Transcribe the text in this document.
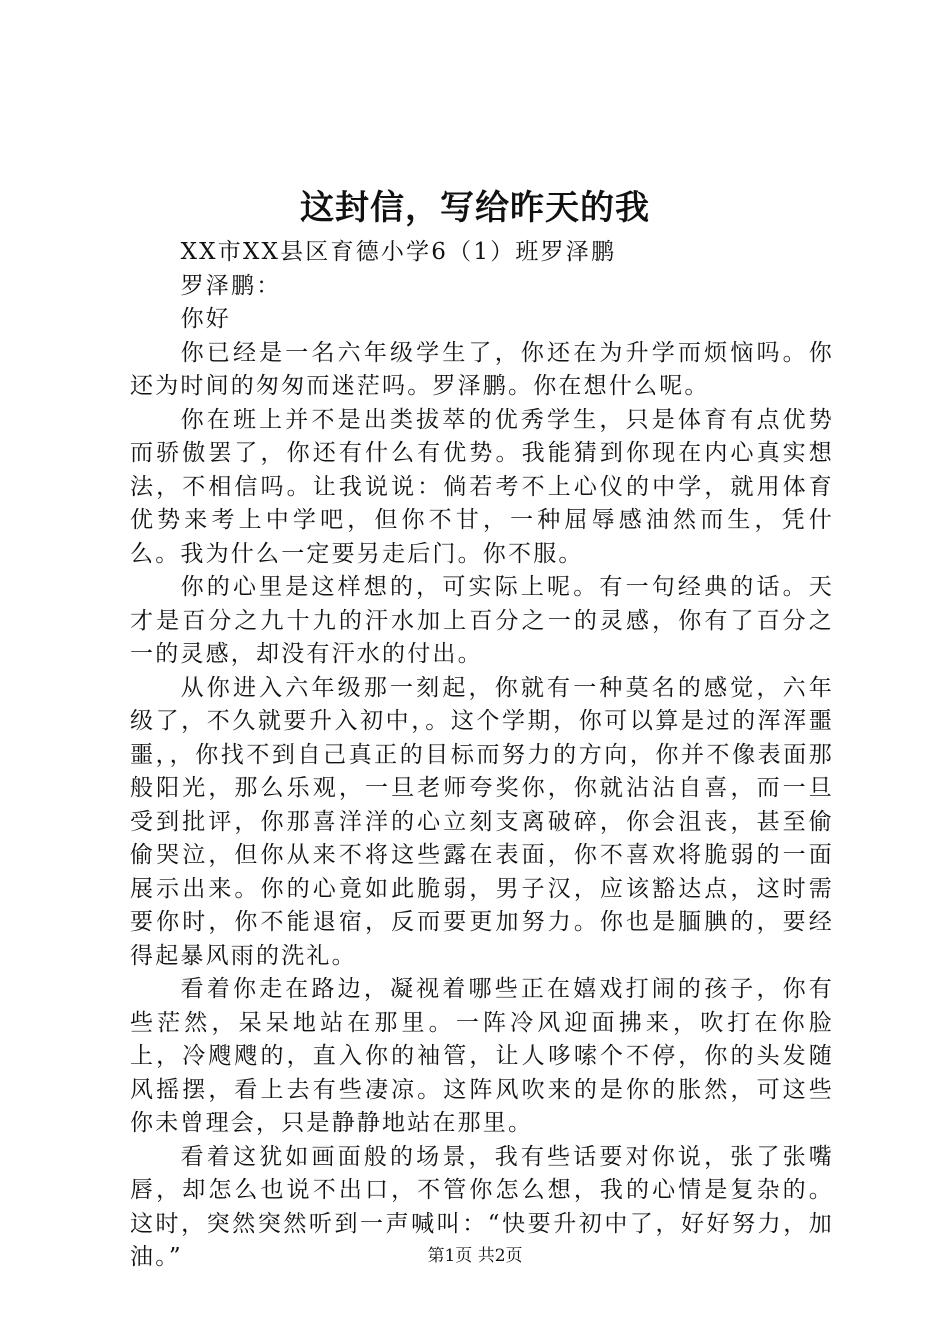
这封信，写给昨天的我

XX市XX县区育德小学6（1）班罗泽鹏

罗泽鹏：

你好

你已经是一名六年级学生了，你还在为升学而烦恼吗。你还为时间的匆匆而迷茫吗。罗泽鹏。你在想什么呢。

你在班上并不是出类拔萃的优秀学生，只是体育有点优势而骄傲罢了，你还有什么有优势。我能猜到你现在内心真实想法，不相信吗。让我说说：倘若考不上心仪的中学，就用体育优势来考上中学吧，但你不甘，一种屈辱感油然而生，凭什么。我为什么一定要另走后门。你不服。

你的心里是这样想的，可实际上呢。有一句经典的话。天才是百分之九十九的汗水加上百分之一的灵感，你有了百分之一的灵感，却没有汗水的付出。

从你进入六年级那一刻起，你就有一种莫名的感觉，六年级了，不久就要升入初中，。这个学期，你可以算是过的浑浑噩噩，，你找不到自己真正的目标而努力的方向，你并不像表面那般阳光，那么乐观，一旦老师夸奖你，你就沾沾自喜，而一旦受到批评，你那喜洋洋的心立刻支离破碎，你会沮丧，甚至偷偷哭泣，但你从来不将这些露在表面，你不喜欢将脆弱的一面展示出来。你的心竟如此脆弱，男子汉，应该豁达点，这时需要你时，你不能退宿，反而要更加努力。你也是腼腆的，要经得起暴风雨的洗礼。

看着你走在路边，凝视着哪些正在嬉戏打闹的孩子，你有些茫然，呆呆地站在那里。一阵冷风迎面拂来，吹打在你脸上，冷飕飕的，直入你的袖管，让人哆嗦个不停，你的头发随风摇摆，看上去有些凄凉。这阵风吹来的是你的胀然，可这些你未曾理会，只是静静地站在那里。

看着这犹如画面般的场景，我有些话要对你说，张了张嘴唇，却怎么也说不出口，不管你怎么想，我的心情是复杂的。这时，突然突然听到一声喊叫：“快要升初中了，好好努力，加油。”	第1页 共2页
